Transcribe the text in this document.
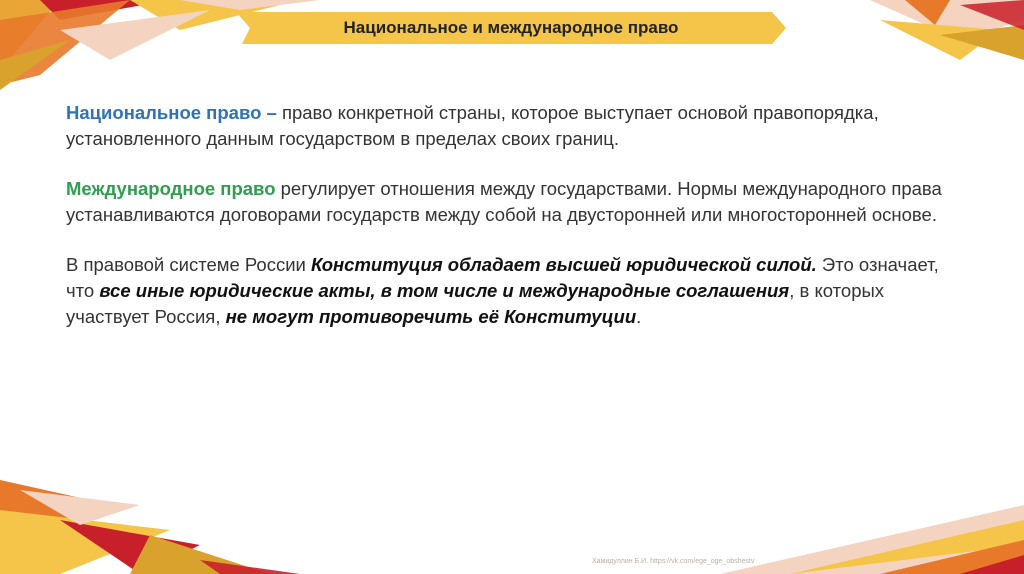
Национальное и международное право

Национальное право – право конкретной страны, которое выступает основой правопорядка, установленного данным государством в пределах своих границ.

Международное право регулирует отношения между государствами. Нормы международного права устанавливаются договорами государств между собой на двусторонней или многосторонней основе.

В правовой системе России Конституция обладает высшей юридической силой. Это означает, что все иные юридические акты, в том числе и международные соглашения, в которых участвует Россия, не могут противоречить её Конституции.

Хамидуллин Б.И. https://vk.com/ege_oge_obshestv
